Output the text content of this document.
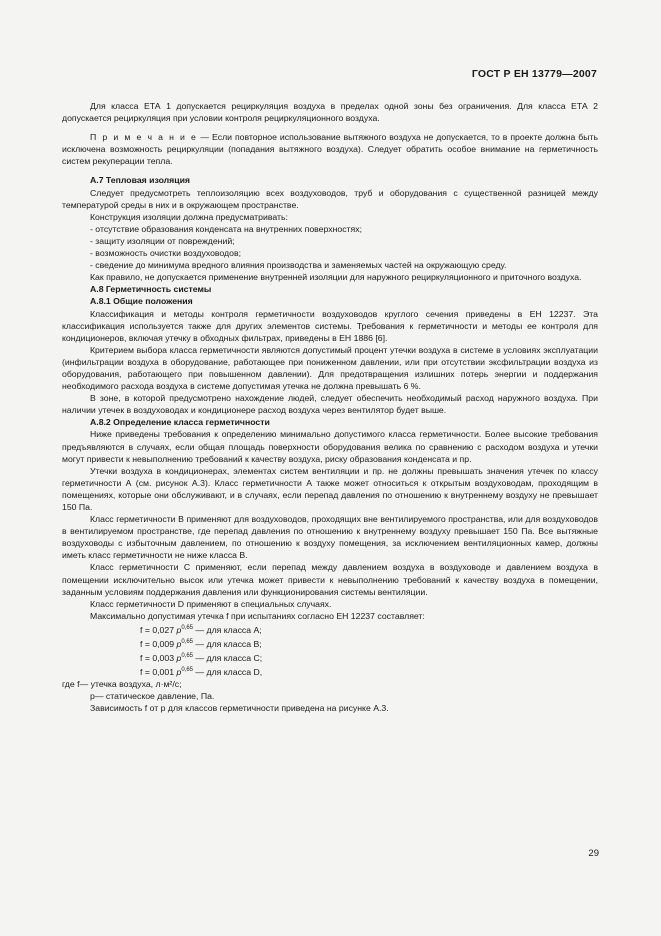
ГОСТ Р ЕН 13779—2007

Для класса ЕТА 1 допускается рециркуляция воздуха в пределах одной зоны без ограничения. Для класса ЕТА 2 допускается рециркуляция при условии контроля рециркуляционного воздуха.

П р и м е ч а н и е — Если повторное использование вытяжного воздуха не допускается, то в проекте должна быть исключена возможность рециркуляции (попадания вытяжного воздуха). Следует обратить особое внимание на герметичность систем рекуперации тепла.

А.7 Тепловая изоляция

Следует предусмотреть теплоизоляцию всех воздуховодов, труб и оборудования с существенной разницей между температурой среды в них и в окружающем пространстве.

Конструкция изоляции должна предусматривать:

- отсутствие образования конденсата на внутренних поверхностях;

- защиту изоляции от повреждений;

- возможность очистки воздуховодов;

- сведение до минимума вредного влияния производства и заменяемых частей на окружающую среду.

Как правило, не допускается применение внутренней изоляции для наружного рециркуляционного и приточного воздуха.

А.8 Герметичность системы

А.8.1 Общие положения

Классификация и методы контроля герметичности воздуховодов круглого сечения приведены в ЕН 12237. Эта классификация используется также для других элементов системы. Требования к герметичности и методы ее контроля для кондиционеров, включая утечку в обходных фильтрах, приведены в ЕН 1886 [6].

Критерием выбора класса герметичности являются допустимый процент утечки воздуха в системе в условиях эксплуатации (инфильтрации воздуха в оборудование, работающее при пониженном давлении, или при отсутствии эксфильтрации воздуха из оборудования, работающего при повышенном давлении). Для предотвращения излишних потерь энергии и поддержания необходимого расхода воздуха в системе допустимая утечка не должна превышать 6 %.

В зоне, в которой предусмотрено нахождение людей, следует обеспечить необходимый расход наружного воздуха. При наличии утечек в воздуховодах и кондиционере расход воздуха через вентилятор будет выше.

А.8.2 Определение класса герметичности

Ниже приведены требования к определению минимально допустимого класса герметичности. Более высокие требования предъявляются в случаях, если общая площадь поверхности оборудования велика по сравнению с расходом воздуха и утечки могут привести к невыполнению требований к качеству воздуха, риску образования конденсата и пр.

Утечки воздуха в кондиционерах, элементах систем вентиляции и пр. не должны превышать значения утечек по классу герметичности А (см. рисунок А.3). Класс герметичности А также может относиться к открытым воздуховодам, проходящим в помещениях, которые они обслуживают, и в случаях, если перепад давления по отношению к внутреннему воздуху не превышает 150 Па.

Класс герметичности В применяют для воздуховодов, проходящих вне вентилируемого пространства, или для воздуховодов в вентилируемом пространстве, где перепад давления по отношению к внутреннему воздуху превышает 150 Па. Все вытяжные воздуховоды с избыточным давлением, по отношению к воздуху помещения, за исключением вентиляционных камер, должны иметь класс герметичности не ниже класса В.

Класс герметичности С применяют, если перепад между давлением воздуха в воздуховоде и давлением воздуха в помещении исключительно высок или утечка может привести к невыполнению требований к качеству воздуха в помещении, заданным условиям поддержания давления или функционирования системы вентиляции.

Класс герметичности D применяют в специальных случаях.

Максимально допустимая утечка f при испытаниях согласно ЕН 12237 составляет:

f = 0,027 $p^{0,65}$ — для класса А;

f = 0,009 $p^{0,65}$ — для класса В;

f = 0,003 $p^{0,65}$ — для класса С;

f = 0,001 $p^{0,65}$ — для класса D,

где f— утечка воздуха, л·м²/с;

p— статическое давление, Па.

Зависимость f от p для классов герметичности приведена на рисунке А.3.

29
